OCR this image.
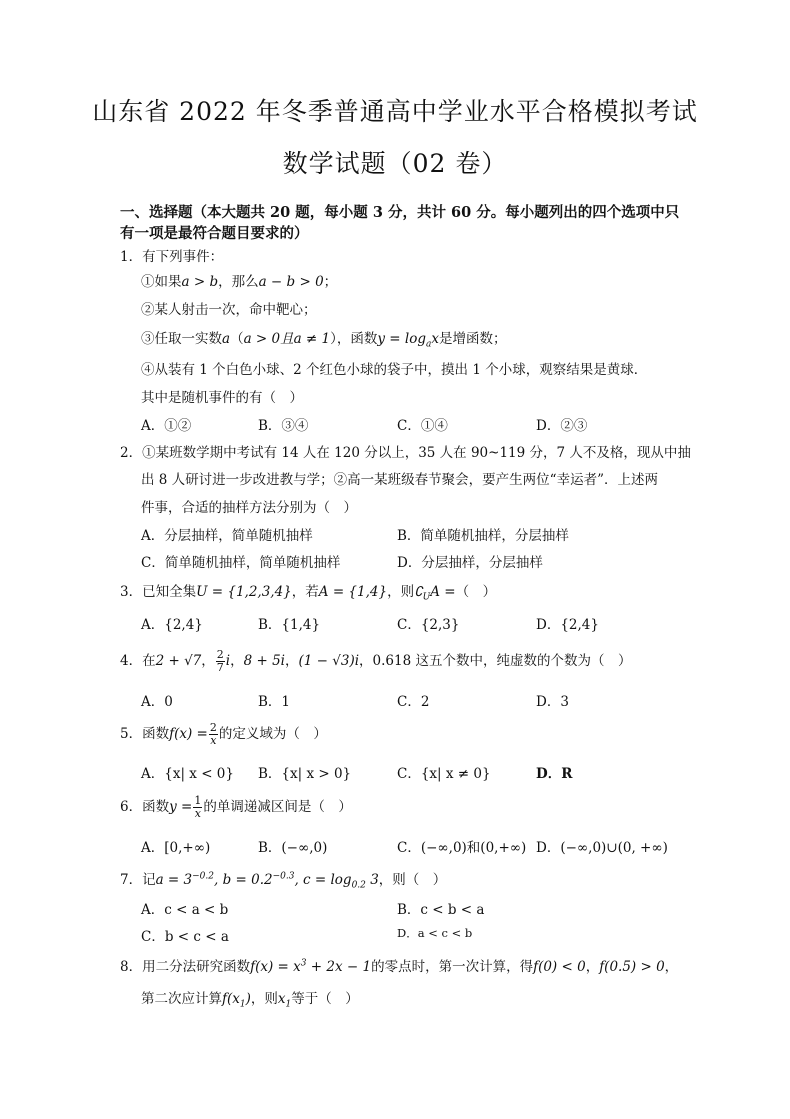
山东省 2022 年冬季普通高中学业水平合格模拟考试
数学试题（02 卷）
一、选择题（本大题共 20 题，每小题 3 分，共计 60 分。每小题列出的四个选项中只有一项是最符合题目要求的）
1．有下列事件：
①如果a > b，那么a − b > 0；
②某人射击一次，命中靶心；
③任取一实数a（a > 0且a ≠ 1），函数$y = \log_ax$是增函数；
④从装有 1 个白色小球、2 个红色小球的袋子中，摸出 1 个小球，观察结果是黄球．
其中是随机事件的有（　）
A．①②	B．③④	C．①④	D．②③
2．①某班数学期中考试有 14 人在 120 分以上，35 人在 90~119 分，7 人不及格，现从中抽
出 8 人研讨进一步改进教与学；②高一某班级春节聚会，要产生两位“幸运者”．上述两
件事，合适的抽样方法分别为（　）
A．分层抽样，简单随机抽样	B．简单随机抽样，分层抽样
C．简单随机抽样，简单随机抽样	D．分层抽样，分层抽样
3．已知全集U = {1,2,3,4}，若A = {1,4}，则$∁_UA$ =（　）
A．{2,4}	B．{1,4}	C．{2,3}	D．{2,4}
4．在2 + √7， $\frac{2}{7}$ i，8 + 5i，(1 − √3)i，0.618 这五个数中，纯虚数的个数为（　）
A．0	B．1	C．2	D．3
5．函数$f(x) = \frac{2}{x}$ 的定义域为（　）
A．{x| x < 0} B．{x| x > 0}	C．{x| x ≠ 0}	D．R
6．函数$y = \frac{1}{x}$ 的单调递减区间是（　）
A．[0,+∞)	B．(−∞,0)	C．(−∞,0)和(0,+∞) D．(−∞,0)∪(0, +∞)
7．记$a = 3^{-0.2}$, $b = 0.2^{-0.3}$, $c = \log_{0.2} 3$，则（　）
A．c < a < b	B．c < b < a
C．b < c < a	D．a < c < b
8．用二分法研究函数$f(x) = x^3 + 2x - 1$的零点时，第一次计算，得f(0) < 0，f(0.5) > 0，
第二次应计算$f(x_1)$，则$x_1$等于（　）
